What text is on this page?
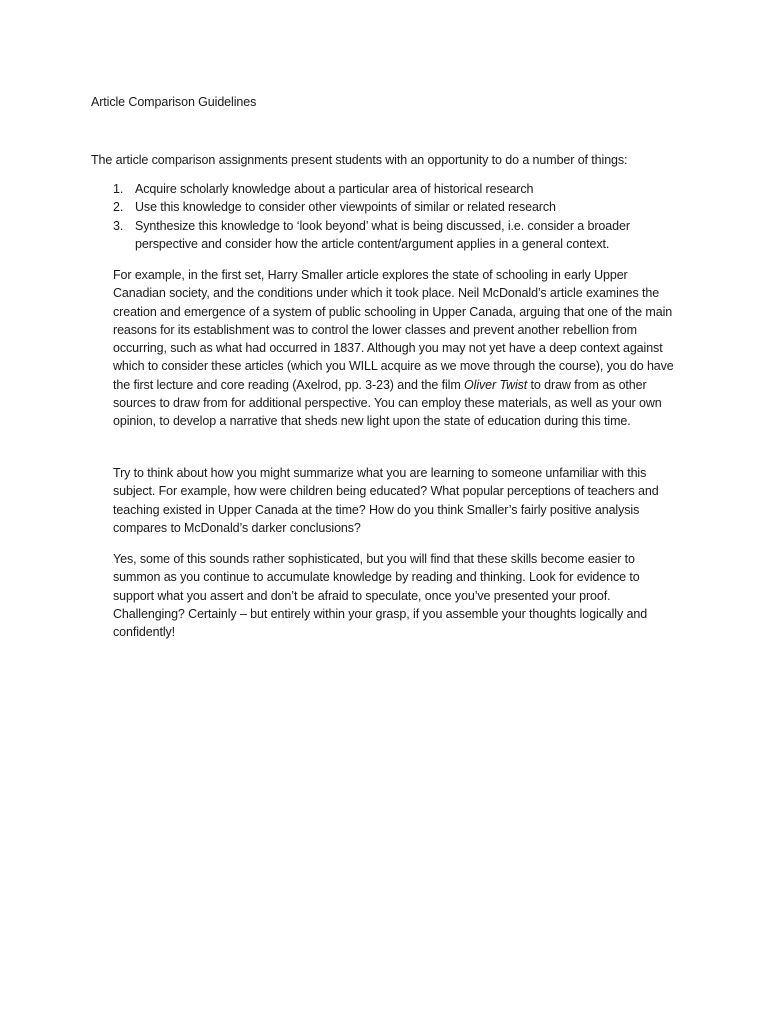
Article Comparison Guidelines
The article comparison assignments present students with an opportunity to do a number of things:
1. Acquire scholarly knowledge about a particular area of historical research
2. Use this knowledge to consider other viewpoints of similar or related research
3. Synthesize this knowledge to ‘look beyond’ what is being discussed, i.e. consider a broader perspective and consider how the article content/argument applies in a general context.

For example, in the first set, Harry Smaller article explores the state of schooling in early Upper Canadian society, and the conditions under which it took place. Neil McDonald’s article examines the creation and emergence of a system of public schooling in Upper Canada, arguing that one of the main reasons for its establishment was to control the lower classes and prevent another rebellion from occurring, such as what had occurred in 1837. Although you may not yet have a deep context against which to consider these articles (which you WILL acquire as we move through the course), you do have the first lecture and core reading (Axelrod, pp. 3-23) and the film Oliver Twist to draw from as other sources to draw from for additional perspective. You can employ these materials, as well as your own opinion, to develop a narrative that sheds new light upon the state of education during this time.

Try to think about how you might summarize what you are learning to someone unfamiliar with this subject. For example, how were children being educated? What popular perceptions of teachers and teaching existed in Upper Canada at the time? How do you think Smaller’s fairly positive analysis compares to McDonald’s darker conclusions?

Yes, some of this sounds rather sophisticated, but you will find that these skills become easier to summon as you continue to accumulate knowledge by reading and thinking. Look for evidence to support what you assert and don’t be afraid to speculate, once you’ve presented your proof. Challenging? Certainly – but entirely within your grasp, if you assemble your thoughts logically and confidently!
